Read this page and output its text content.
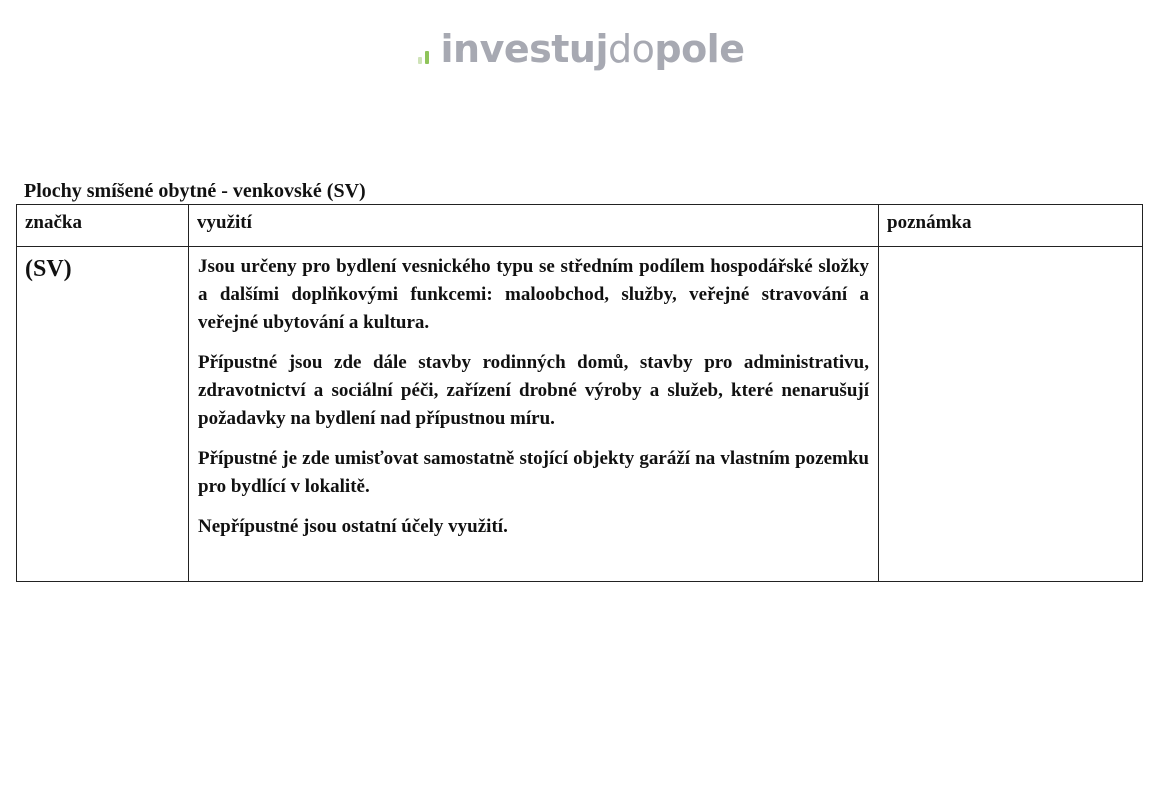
investujdopole
Plochy smíšené obytné - venkovské (SV)
značka	využití	poznámka
(SV)	Jsou určeny pro bydlení vesnického typu se středním podílem hospodářské složky a dalšími doplňkovými funkcemi: maloobchod, služby, veřejné stravování a veřejné ubytování a kultura.

Přípustné jsou zde dále stavby rodinných domů, stavby pro administrativu, zdravotnictví a sociální péči, zařízení drobné výroby a služeb, které nenarušují požadavky na bydlení nad přípustnou míru.

Přípustné je zde umisťovat samostatně stojící objekty garáží na vlastním pozemku pro bydlící v lokalitě.

Nepřípustné jsou ostatní účely využití.	
